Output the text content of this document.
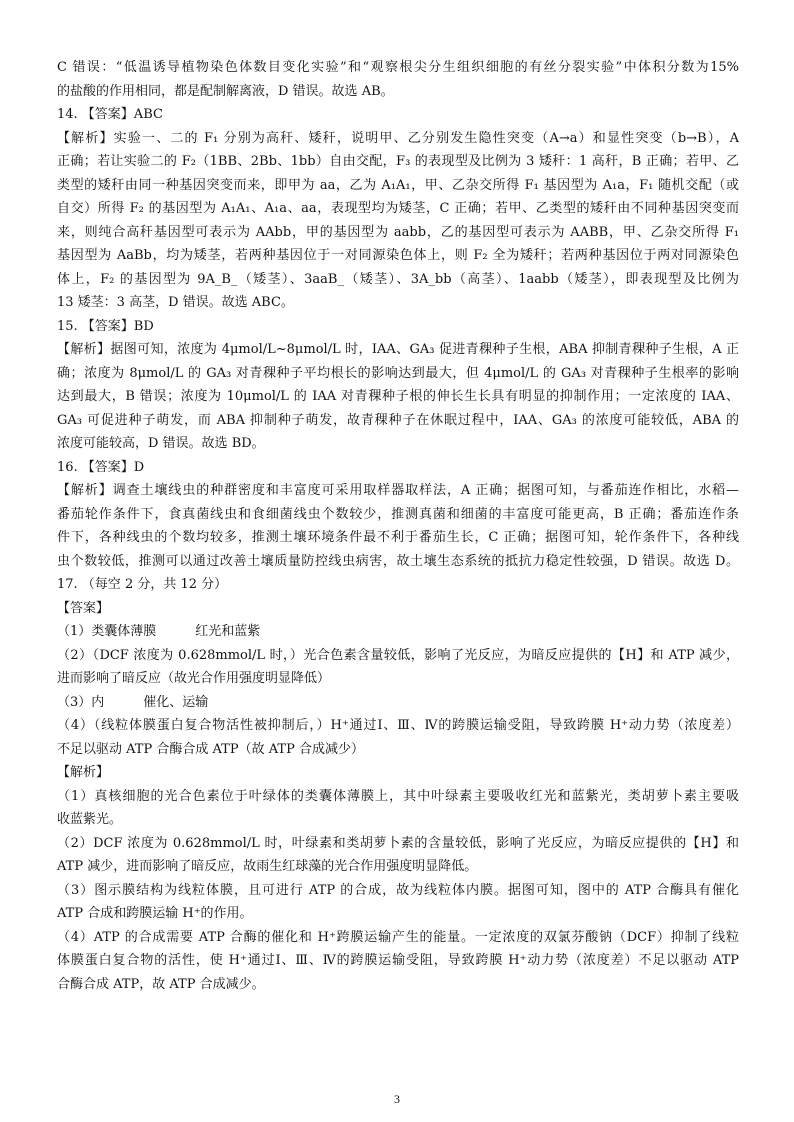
C 错误：“低温诱导植物染色体数目变化实验”和“观察根尖分生组织细胞的有丝分裂实验”中体积分数为15%
的盐酸的作用相同，都是配制解离液，D 错误。故选 AB。
14. 【答案】ABC
【解析】实验一、二的 F₁ 分别为高秆、矮秆，说明甲、乙分别发生隐性突变（A→a）和显性突变（b→B），A
正确；若让实验二的 F₂（1BB、2Bb、1bb）自由交配，F₃ 的表现型及比例为 3 矮秆：1 高秆，B 正确；若甲、乙
类型的矮秆由同一种基因突变而来，即甲为 aa，乙为 A₁A₁，甲、乙杂交所得 F₁ 基因型为 A₁a，F₁ 随机交配（或
自交）所得 F₂ 的基因型为 A₁A₁、A₁a、aa，表现型均为矮茎，C 正确；若甲、乙类型的矮秆由不同种基因突变而
来，则纯合高秆基因型可表示为 AAbb，甲的基因型为 aabb，乙的基因型可表示为 AABB，甲、乙杂交所得 F₁
基因型为 AaBb，均为矮茎，若两种基因位于一对同源染色体上，则 F₂ 全为矮秆；若两种基因位于两对同源染色
体上，F₂ 的基因型为 9A_B_（矮茎）、3aaB_（矮茎）、3A_bb（高茎）、1aabb（矮茎），即表现型及比例为
13 矮茎：3 高茎，D 错误。故选 ABC。
15. 【答案】BD
【解析】据图可知，浓度为 4μmol/L~8μmol/L 时，IAA、GA₃ 促进青稞种子生根，ABA 抑制青稞种子生根，A 正
确；浓度为 8μmol/L 的 GA₃ 对青稞种子平均根长的影响达到最大，但 4μmol/L 的 GA₃ 对青稞种子生根率的影响
达到最大，B 错误；浓度为 10μmol/L 的 IAA 对青稞种子根的伸长生长具有明显的抑制作用；一定浓度的 IAA、
GA₃ 可促进种子萌发，而 ABA 抑制种子萌发，故青稞种子在休眠过程中，IAA、GA₃ 的浓度可能较低，ABA 的
浓度可能较高，D 错误。故选 BD。
16. 【答案】D
【解析】调查土壤线虫的种群密度和丰富度可采用取样器取样法，A 正确；据图可知，与番茄连作相比，水稻—
番茄轮作条件下，食真菌线虫和食细菌线虫个数较少，推测真菌和细菌的丰富度可能更高，B 正确；番茄连作条
件下，各种线虫的个数均较多，推测土壤环境条件最不利于番茄生长，C 正确；据图可知，轮作条件下，各种线
虫个数较低，推测可以通过改善土壤质量防控线虫病害，故土壤生态系统的抵抗力稳定性较强，D 错误。故选 D。
17. （每空 2 分，共 12 分）
【答案】
（1）类囊体薄膜　　　红光和蓝紫
（2）（DCF 浓度为 0.628mmol/L 时，）光合色素含量较低，影响了光反应，为暗反应提供的【H】和 ATP 减少，
进而影响了暗反应（故光合作用强度明显降低）
（3）内　　　催化、运输
（4）（线粒体膜蛋白复合物活性被抑制后，）H⁺通过Ⅰ、Ⅲ、Ⅳ的跨膜运输受阻，导致跨膜 H⁺动力势（浓度差）
不足以驱动 ATP 合酶合成 ATP（故 ATP 合成减少）
【解析】
（1）真核细胞的光合色素位于叶绿体的类囊体薄膜上，其中叶绿素主要吸收红光和蓝紫光，类胡萝卜素主要吸
收蓝紫光。
（2）DCF 浓度为 0.628mmol/L 时，叶绿素和类胡萝卜素的含量较低，影响了光反应，为暗反应提供的【H】和
ATP 减少，进而影响了暗反应，故雨生红球藻的光合作用强度明显降低。
（3）图示膜结构为线粒体膜，且可进行 ATP 的合成，故为线粒体内膜。据图可知，图中的 ATP 合酶具有催化
ATP 合成和跨膜运输 H⁺的作用。
（4）ATP 的合成需要 ATP 合酶的催化和 H⁺跨膜运输产生的能量。一定浓度的双氯芬酸钠（DCF）抑制了线粒
体膜蛋白复合物的活性，使 H⁺通过Ⅰ、Ⅲ、Ⅳ的跨膜运输受阻，导致跨膜 H⁺动力势（浓度差）不足以驱动 ATP
合酶合成 ATP，故 ATP 合成减少。
3
